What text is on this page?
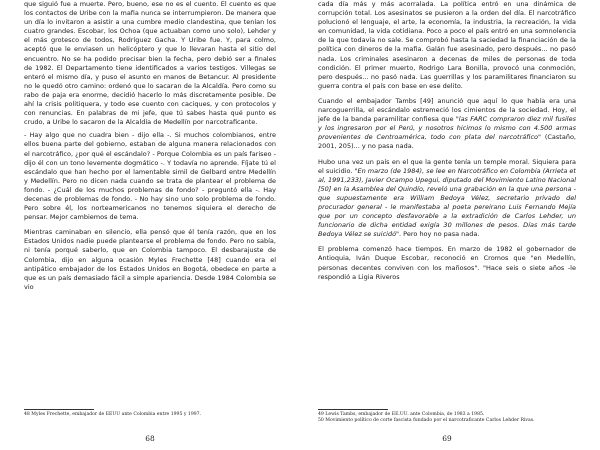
que siguió fue a muerte. Pero, bueno, ese no es el cuento. El cuento es que los contactos de Uribe con la mafia nunca se interrumpieron. De manera que un día lo invitaron a asistir a una cumbre medio clandestina, que tenían los cuatro grandes. Escobar, los Ochoa (que actuaban como uno solo), Lehder y el más grotesco de todos, Rodríguez Gacha. Y Uribe fue. Y, para colmo, aceptó que le enviasen un helicóptero y que lo llevaran hasta el sitio del encuentro. No se ha podido precisar bien la fecha, pero debió ser a finales de 1982. El Departamento tiene identificados a varios testigos. Villegas se enteró el mismo día, y puso el asunto en manos de Betancur. Al presidente no le quedó otro camino: ordenó que lo sacaran de la Alcaldía. Pero como su rabo de paja era enorme, decidió hacerlo lo más discretamente posible. De ahí la crisis politiquera, y todo ese cuento con caciques, y con protocolos y con renuncias. En palabras de mi jefe, que tú sabes hasta qué punto es crudo, a Uribe lo sacaron de la Alcaldía de Medellín por narcotraficante.

- Hay algo que no cuadra bien - dijo ella -. Si muchos colombianos, entre ellos buena parte del gobierno, estaban de alguna manera relacionados con el narcotráfico, ¿por qué el escándalo? - Porque Colombia es un país fariseo - dijo él con un tono levemente dogmático -. Y todavía no aprende. Fíjate tú el escándalo que han hecho por el lamentable simil de Gelbard entre Medellín y Medellín. Pero no dicen nada cuando se trata de plantear el problema de fondo. - ¿Cuál de los muchos problemas de fondo? - preguntó ella -. Hay decenas de problemas de fondo. - No hay sino uno solo problema de fondo. Pero sobre él, los norteamericanos no tenemos siquiera el derecho de pensar. Mejor cambiemos de tema.

Mientras caminaban en silencio, ella pensó que él tenía razón, que en los Estados Unidos nadie puede plantearse el problema de fondo. Pero no sabía, ni tenía porqué saberlo, que en Colombia tampoco. El desbarajuste de Colombia, dijo en alguna ocasión Myles Frechette [48] cuando era el antipático embajador de los Estados Unidos en Bogotá, obedece en parte a que es un país demasiado fácil a simple apariencia. Desde 1984 Colombia se vio

48 Myles Frechette, embajador de EEUU ante Colombia entre 1995 y 1997.
68

cada día más y más acorralada. La política entró en una dinámica de corrupción total. Los asesinatos se pusieron a la orden del día. El narcotráfico polucionó el lenguaje, el arte, la economía, la industria, la recreación, la vida en comunidad, la vida cotidiana. Poco a poco el país entró en una somnolencia de la que todavía no sale. Se comprobó hasta la saciedad la financiación de la política con dineros de la mafia. Galán fue asesinado, pero después... no pasó nada. Los criminales asesinaron a decenas de miles de personas de toda condición. El primer muerto, Rodrigo Lara Bonilla, provocó una conmoción, pero después... no pasó nada. Las guerrillas y los paramilitares financiaron su guerra contra el país con base en ese delito.

Cuando el embajador Tambs [49] anunció que aquí lo que había era una narcoguerrilla, el escándalo estremeció los cimientos de la sociedad. Hoy, el jefe de la banda paramilitar confiesa que "las FARC compraron diez mil fusiles y los ingresaron por el Perú, y nosotros hicimos lo mismo con 4.500 armas provenientes de Centroamérica, todo con plata del narcotráfico" (Castaño, 2001, 205)... y no pasa nada.

Hubo una vez un país en el que la gente tenía un temple moral. Siquiera para el suicidio. "En marzo (de 1984), se lee en Narcotráfico en Colombia (Arrieta et al, 1991,233), Javier Ocampo Upegui, diputado del Movimiento Latino Nacional [50] en la Asamblea del Quindío, reveló una grabación en la que una persona - que supuestamente era William Bedoya Vélez, secretario privado del procurador general - le manifestaba al poeta pereirano Luis Fernando Mejía que por un concepto desfavorable a la extradición de Carlos Lehder, un funcionario de dicha entidad exigía 30 millones de pesos. Días más tarde Bedoya Vélez se suicidó". Pero hoy no pasa nada.

El problema comenzó hace tiempos. En marzo de 1982 el gobernador de Antioquia, Iván Duque Escobar, reconoció en Cromos que "en Medellín, personas decentes conviven con los mañosos". "Hace seis o siete años -le respondió a Ligia Riveros

49 Lewis Tambs, embajador de EE.UU. ante Colombia, de 1983 a 1985.
50 Movimiento político de corte fascista fundado por el narcotraficante Carlos Lehder Rivas.
69
